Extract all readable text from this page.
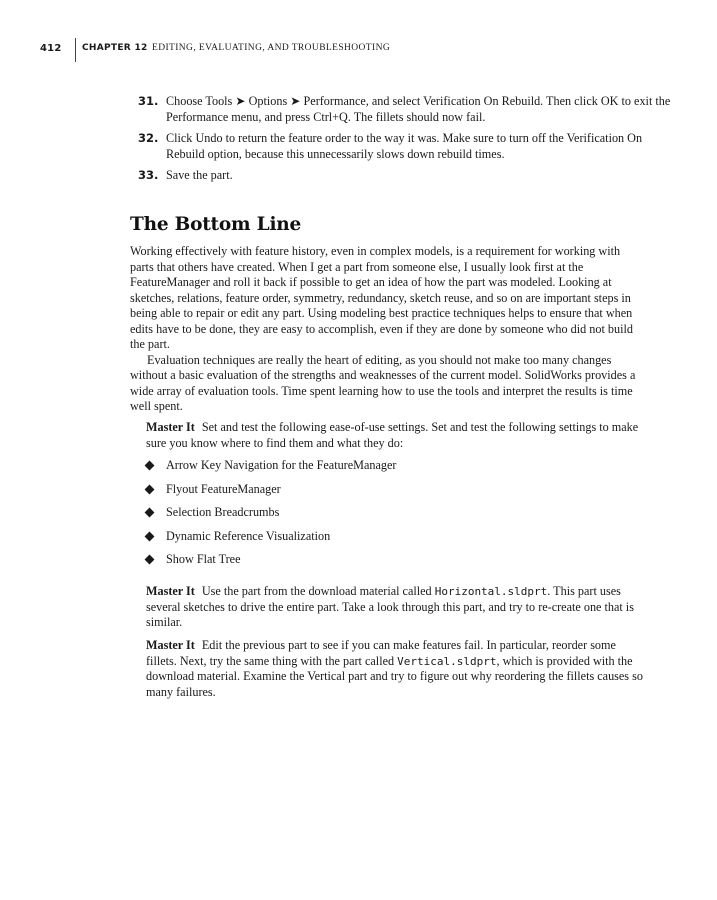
412 CHAPTER 12 EDITING, EVALUATING, AND TROUBLESHOOTING
31. Choose Tools ➤ Options ➤ Performance, and select Verification On Rebuild. Then click OK to exit the Performance menu, and press Ctrl+Q. The fillets should now fail.
32. Click Undo to return the feature order to the way it was. Make sure to turn off the Verification On Rebuild option, because this unnecessarily slows down rebuild times.
33. Save the part.
The Bottom Line

Working effectively with feature history, even in complex models, is a requirement for working with parts that others have created. When I get a part from someone else, I usually look first at the FeatureManager and roll it back if possible to get an idea of how the part was modeled. Looking at sketches, relations, feature order, symmetry, redundancy, sketch reuse, and so on are important steps in being able to repair or edit any part. Using modeling best practice techniques helps to ensure that when edits have to be done, they are easy to accomplish, even if they are done by someone who did not build the part.

Evaluation techniques are really the heart of editing, as you should not make too many changes without a basic evaluation of the strengths and weaknesses of the current model. SolidWorks provides a wide array of evaluation tools. Time spent learning how to use the tools and interpret the results is time well spent.

Master It Set and test the following ease-of-use settings. Set and test the following settings to make sure you know where to find them and what they do:

Arrow Key Navigation for the FeatureManager
Flyout FeatureManager
Selection Breadcrumbs
Dynamic Reference Visualization
Show Flat Tree

Master It Use the part from the download material called Horizontal.sldprt. This part uses several sketches to drive the entire part. Take a look through this part, and try to re-create one that is similar.

Master It Edit the previous part to see if you can make features fail. In particular, reorder some fillets. Next, try the same thing with the part called Vertical.sldprt, which is provided with the download material. Examine the Vertical part and try to figure out why reordering the fillets causes so many failures.
